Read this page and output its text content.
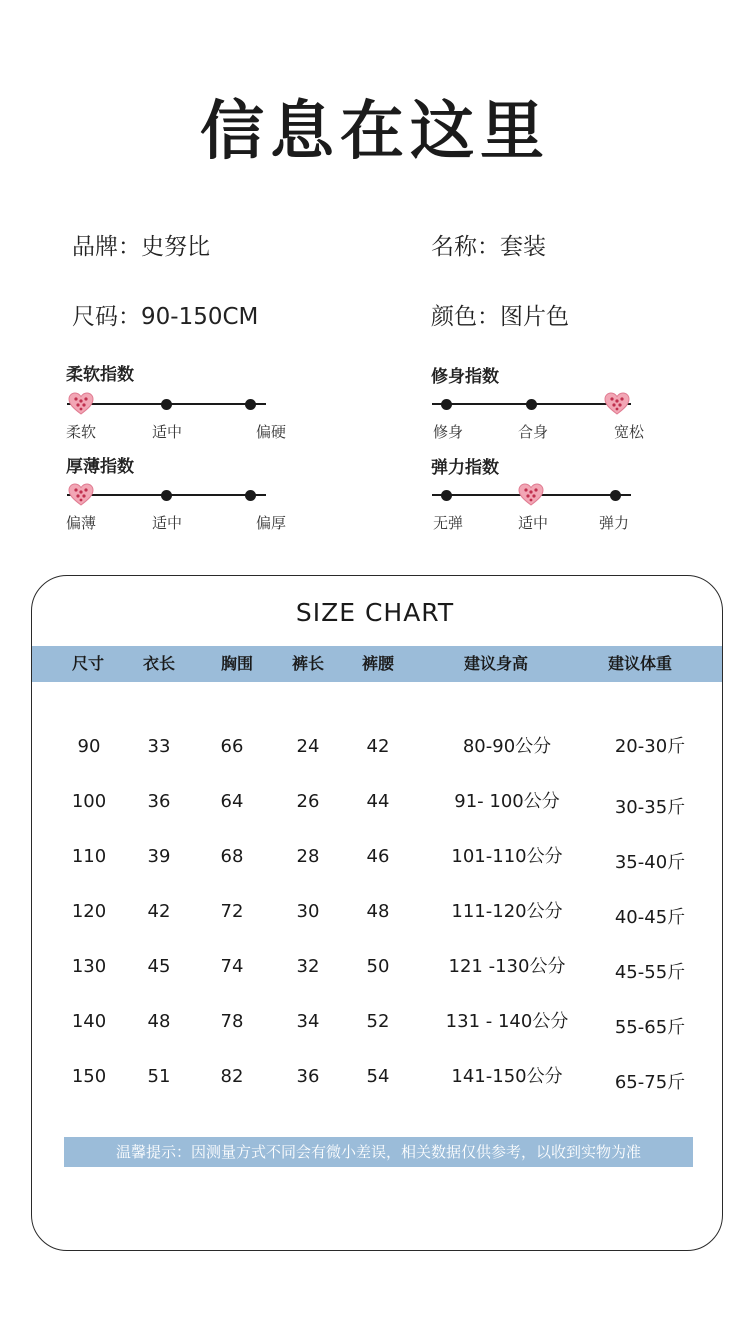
信息在这里
品牌：史努比	名称：套装
尺码：90-150CM	颜色：图片色
柔软指数
柔软	适中	偏硬
修身指数
修身	合身	宽松
厚薄指数
偏薄	适中	偏厚
弹力指数
无弹	适中	弹力
SIZE CHART
尺寸	衣长	胸围	裤长	裤腰	建议身高	建议体重
90	33	66	24	42	80-90公分	20-30斤
100	36	64	26	44	91- 100公分	30-35斤
110	39	68	28	46	101-110公分	35-40斤
120	42	72	30	48	111-120公分	40-45斤
130	45	74	32	50	121 -130公分	45-55斤
140	48	78	34	52	131 - 140公分	55-65斤
150	51	82	36	54	141-150公分	65-75斤
温馨提示：因测量方式不同会有微小差误，相关数据仅供参考，以收到实物为准
